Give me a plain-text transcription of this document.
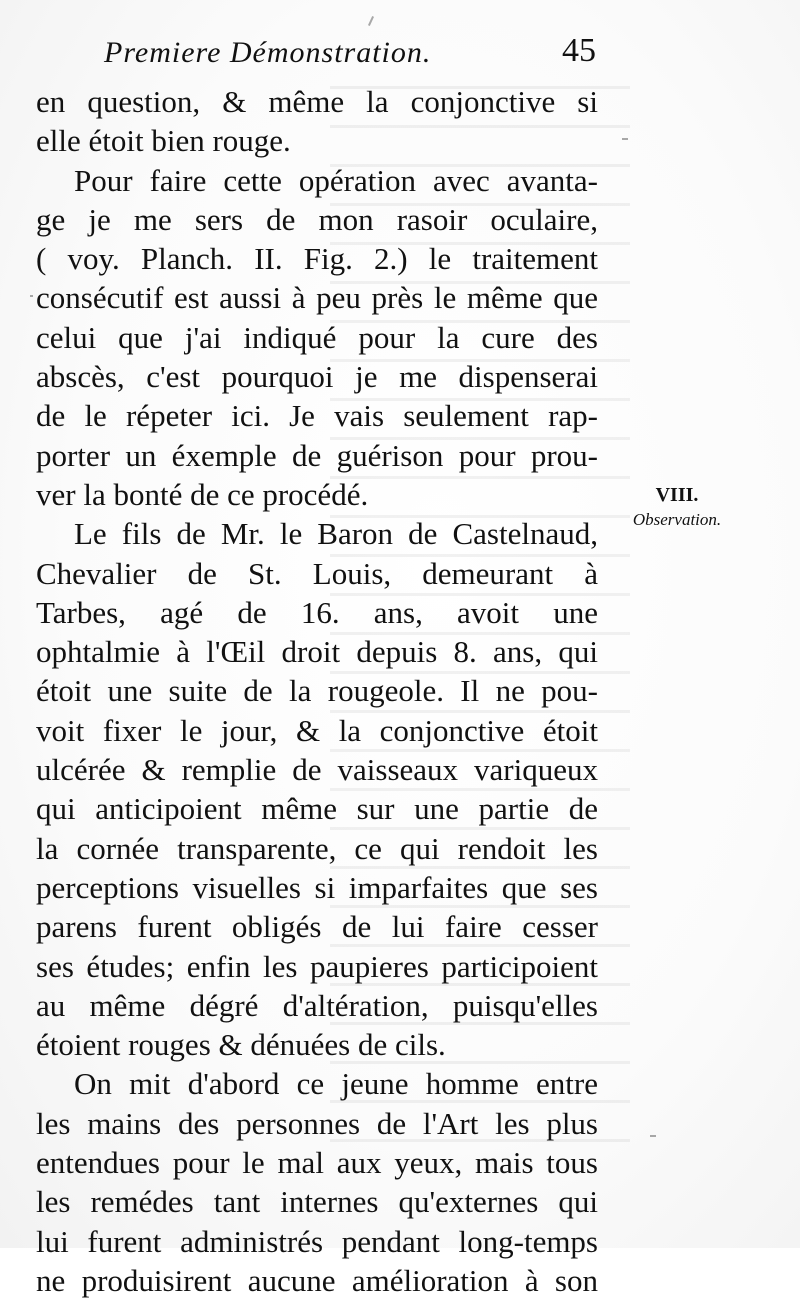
Premiere Démonstration.	45
en question, & même la conjonctive si
elle étoit bien rouge.
Pour faire cette opération avec avanta-
ge je me sers de mon rasoir oculaire,
( voy. Planch. II. Fig. 2.) le traitement
consécutif est aussi à peu près le même que
celui que j'ai indiqué pour la cure des
abscès, c'est pourquoi je me dispenserai
de le répeter ici. Je vais seulement rap-
porter un éxemple de guérison pour prou-
ver la bonté de ce procédé.
Le fils de Mr. le Baron de Castelnaud,
Chevalier de St. Louis, demeurant à
Tarbes, agé de 16. ans, avoit une
ophtalmie à l'Œil droit depuis 8. ans, qui
étoit une suite de la rougeole. Il ne pou-
voit fixer le jour, & la conjonctive étoit
ulcérée & remplie de vaisseaux variqueux
qui anticipoient même sur une partie de
la cornée transparente, ce qui rendoit les
perceptions visuelles si imparfaites que ses
parens furent obligés de lui faire cesser
ses études; enfin les paupieres participoient
au même dégré d'altération, puisqu'elles
étoient rouges & dénuées de cils.
On mit d'abord ce jeune homme entre
les mains des personnes de l'Art les plus
entendues pour le mal aux yeux, mais tous
les remédes tant internes qu'externes qui
lui furent administrés pendant long-temps
ne produisirent aucune amélioration à son
VIII.
Observation.
